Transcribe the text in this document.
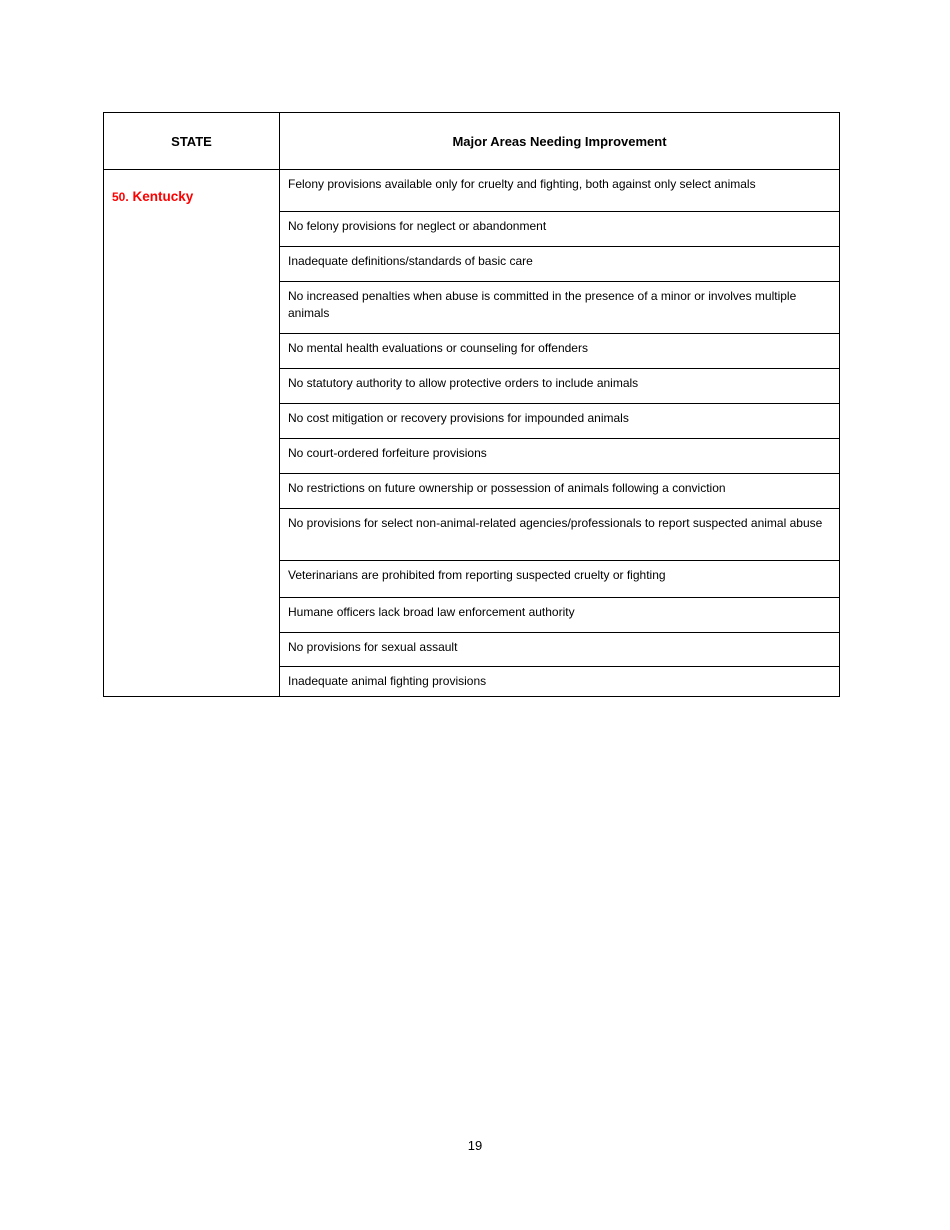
STATE	Major Areas Needing Improvement
50. Kentucky	Felony provisions available only for cruelty and fighting, both against only select animals
	No felony provisions for neglect or abandonment
	Inadequate definitions/standards of basic care
	No increased penalties when abuse is committed in the presence of a minor or involves multiple animals
	No mental health evaluations or counseling for offenders
	No statutory authority to allow protective orders to include animals
	No cost mitigation or recovery provisions for impounded animals
	No court-ordered forfeiture provisions
	No restrictions on future ownership or possession of animals following a conviction
	No provisions for select non-animal-related agencies/professionals to report suspected animal abuse
	Veterinarians are prohibited from reporting suspected cruelty or fighting
	Humane officers lack broad law enforcement authority
	No provisions for sexual assault
	Inadequate animal fighting provisions
19
